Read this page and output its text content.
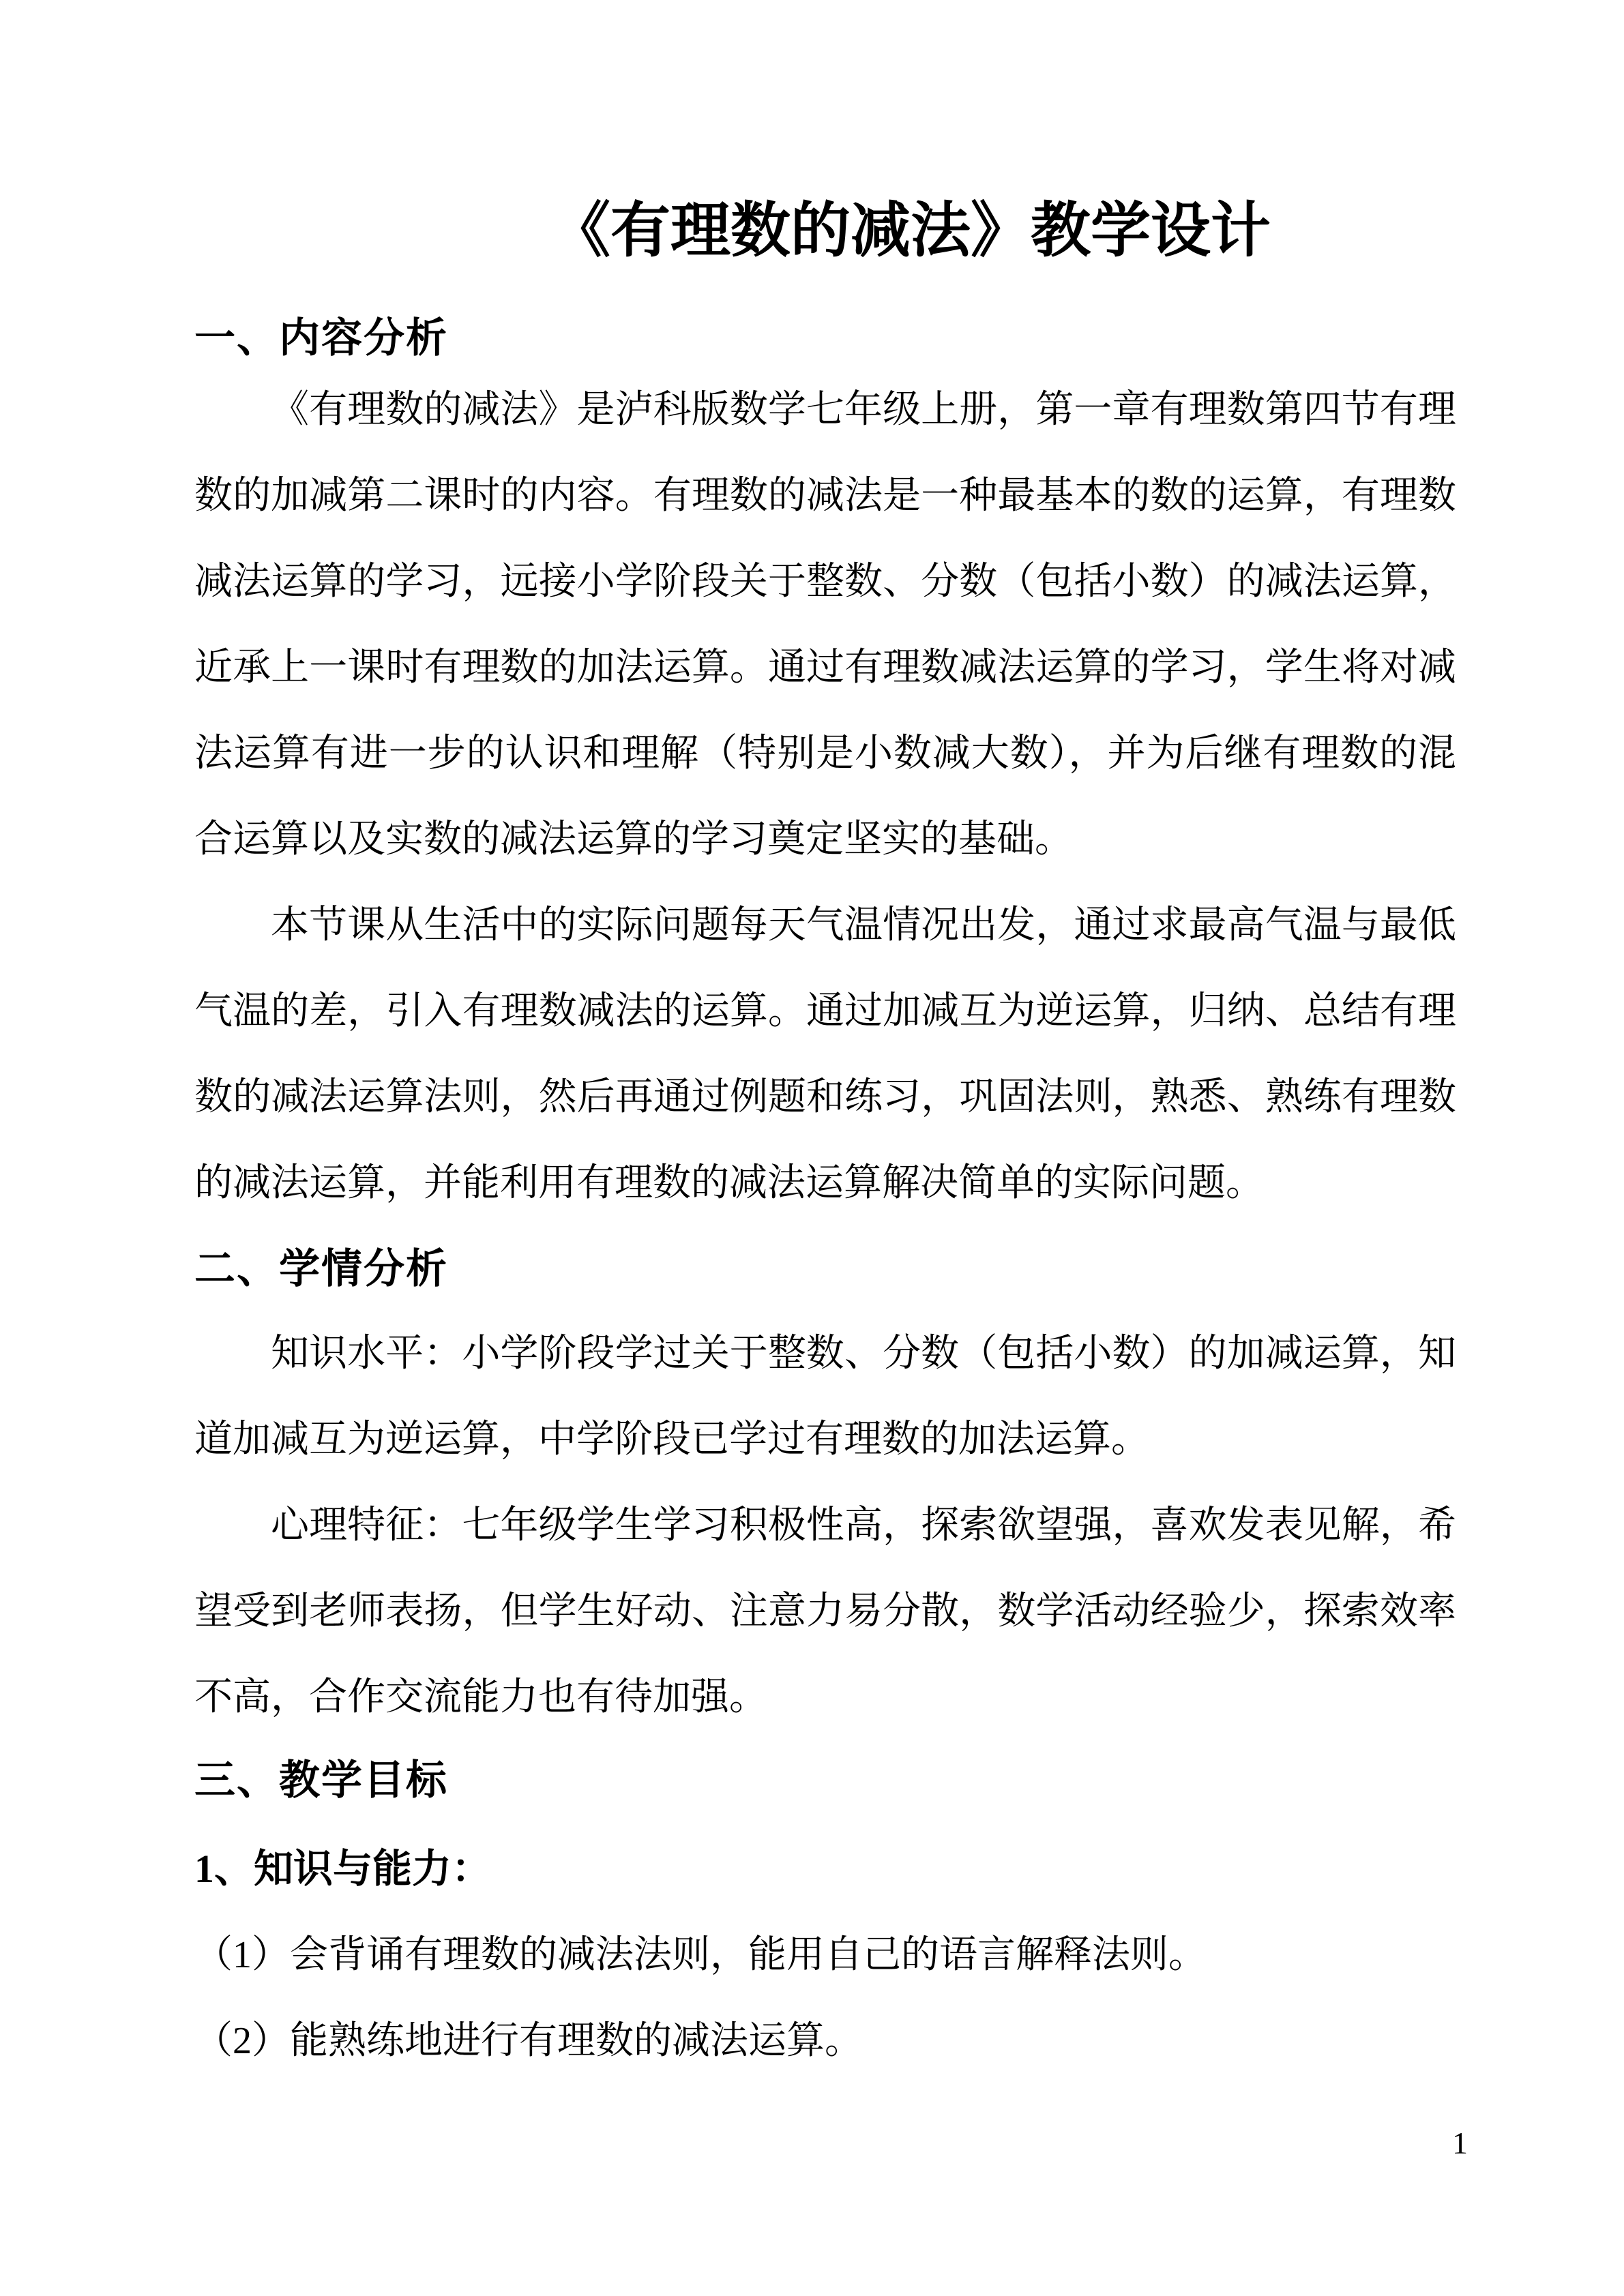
《有理数的减法》教学设计
一、内容分析

《有理数的减法》是泸科版数学七年级上册，第一章有理数第四节有理数的加减第二课时的内容。有理数的减法是一种最基本的数的运算，有理数减法运算的学习，远接小学阶段关于整数、分数（包括小数）的减法运算，近承上一课时有理数的加法运算。通过有理数减法运算的学习，学生将对减法运算有进一步的认识和理解（特别是小数减大数），并为后继有理数的混合运算以及实数的减法运算的学习奠定坚实的基础。

本节课从生活中的实际问题每天气温情况出发，通过求最高气温与最低气温的差，引入有理数减法的运算。通过加减互为逆运算，归纳、总结有理数的减法运算法则，然后再通过例题和练习，巩固法则，熟悉、熟练有理数的减法运算，并能利用有理数的减法运算解决简单的实际问题。

二、学情分析

知识水平：小学阶段学过关于整数、分数（包括小数）的加减运算，知道加减互为逆运算，中学阶段已学过有理数的加法运算。

心理特征：七年级学生学习积极性高，探索欲望强，喜欢发表见解，希望受到老师表扬，但学生好动、注意力易分散，数学活动经验少，探索效率不高，合作交流能力也有待加强。

三、教学目标

1、知识与能力：

（1）会背诵有理数的减法法则，能用自己的语言解释法则。

（2）能熟练地进行有理数的减法运算。

1
